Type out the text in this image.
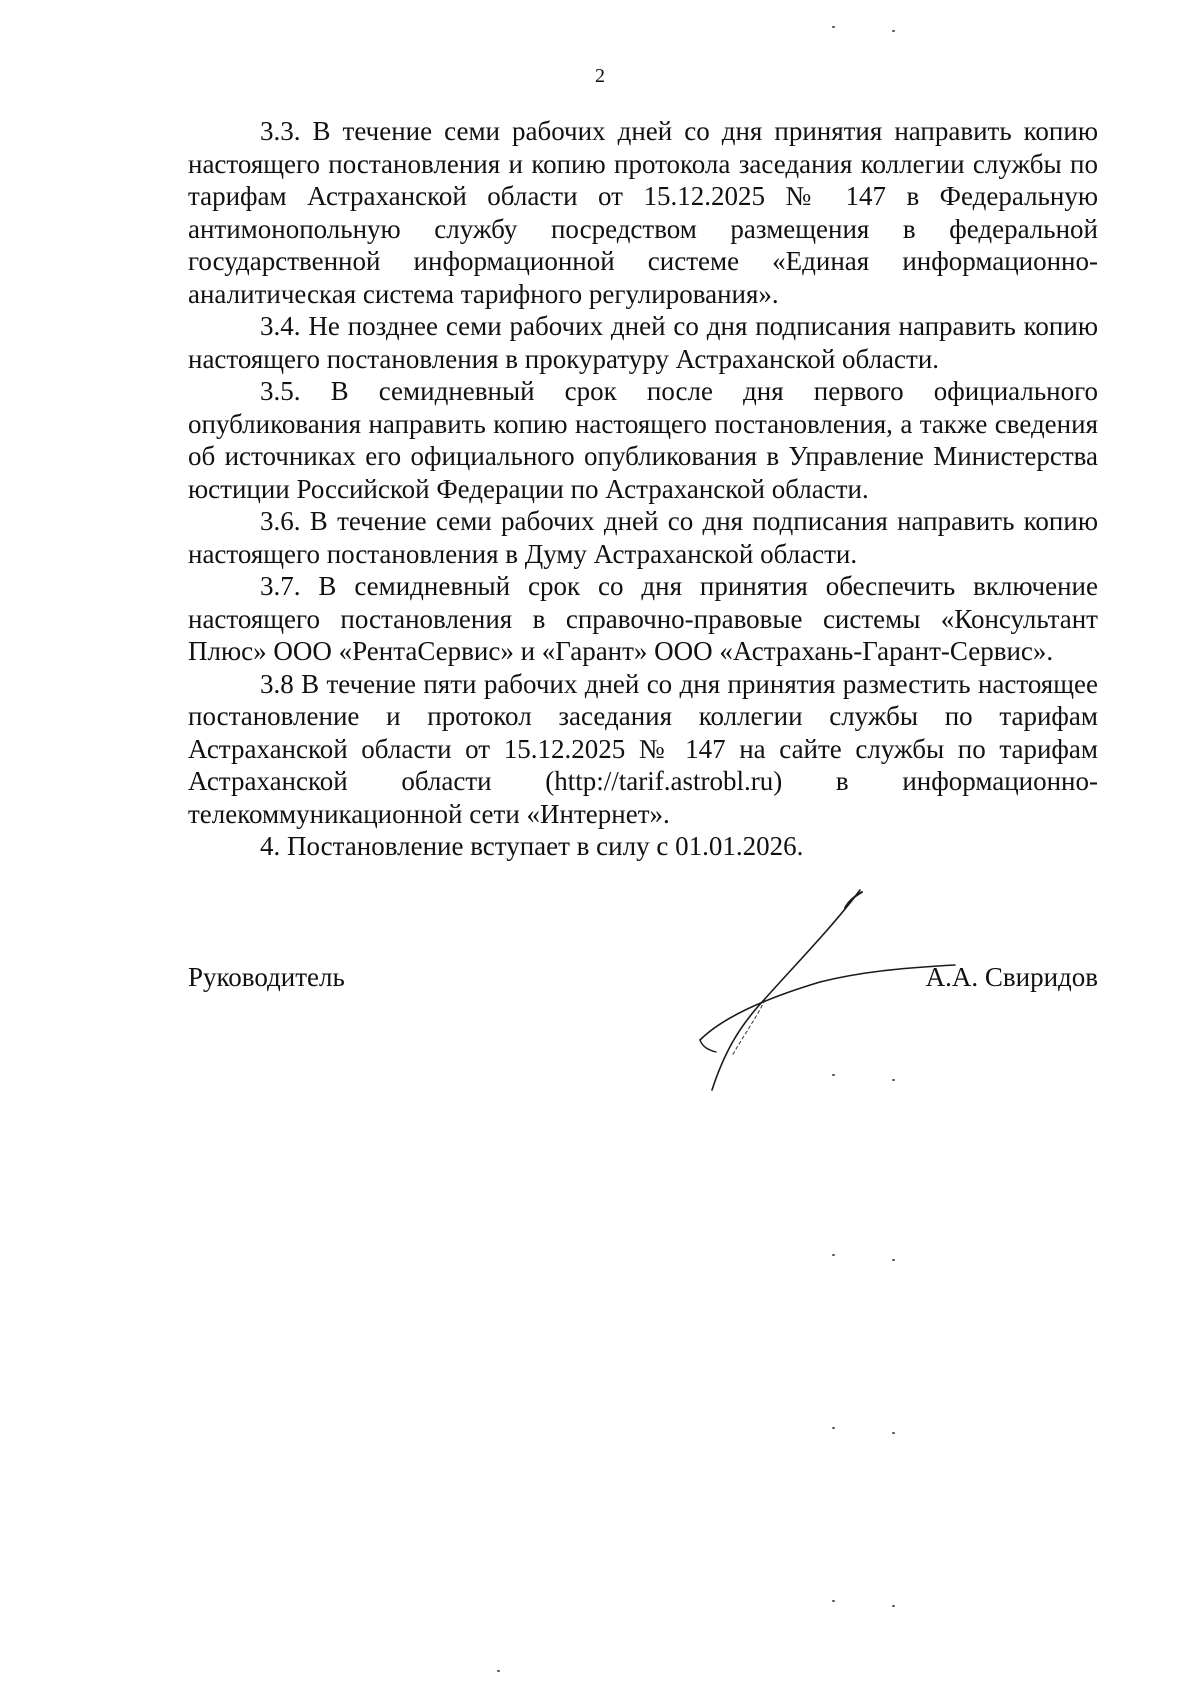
2

3.3. В течение семи рабочих дней со дня принятия направить копию настоящего постановления и копию протокола заседания коллегии службы по тарифам Астраханской области от 15.12.2025 № 147 в Федеральную антимонопольную службу посредством размещения в федеральной государственной информационной системе «Единая информационно-аналитическая система тарифного регулирования».

3.4. Не позднее семи рабочих дней со дня подписания направить копию настоящего постановления в прокуратуру Астраханской области.

3.5. В семидневный срок после дня первого официального опубликования направить копию настоящего постановления, а также сведения об источниках его официального опубликования в Управление Министерства юстиции Российской Федерации по Астраханской области.

3.6. В течение семи рабочих дней со дня подписания направить копию настоящего постановления в Думу Астраханской области.

3.7. В семидневный срок со дня принятия обеспечить включение настоящего постановления в справочно-правовые системы «Консультант Плюс» ООО «РентаСервис» и «Гарант» ООО «Астрахань-Гарант-Сервис».

3.8 В течение пяти рабочих дней со дня принятия разместить настоящее постановление и протокол заседания коллегии службы по тарифам Астраханской области от 15.12.2025 № 147 на сайте службы по тарифам Астраханской области (http://tarif.astrobl.ru) в информационно-телекоммуникационной сети «Интернет».

4. Постановление вступает в силу с 01.01.2026.

Руководитель	А.А. Свиридов
